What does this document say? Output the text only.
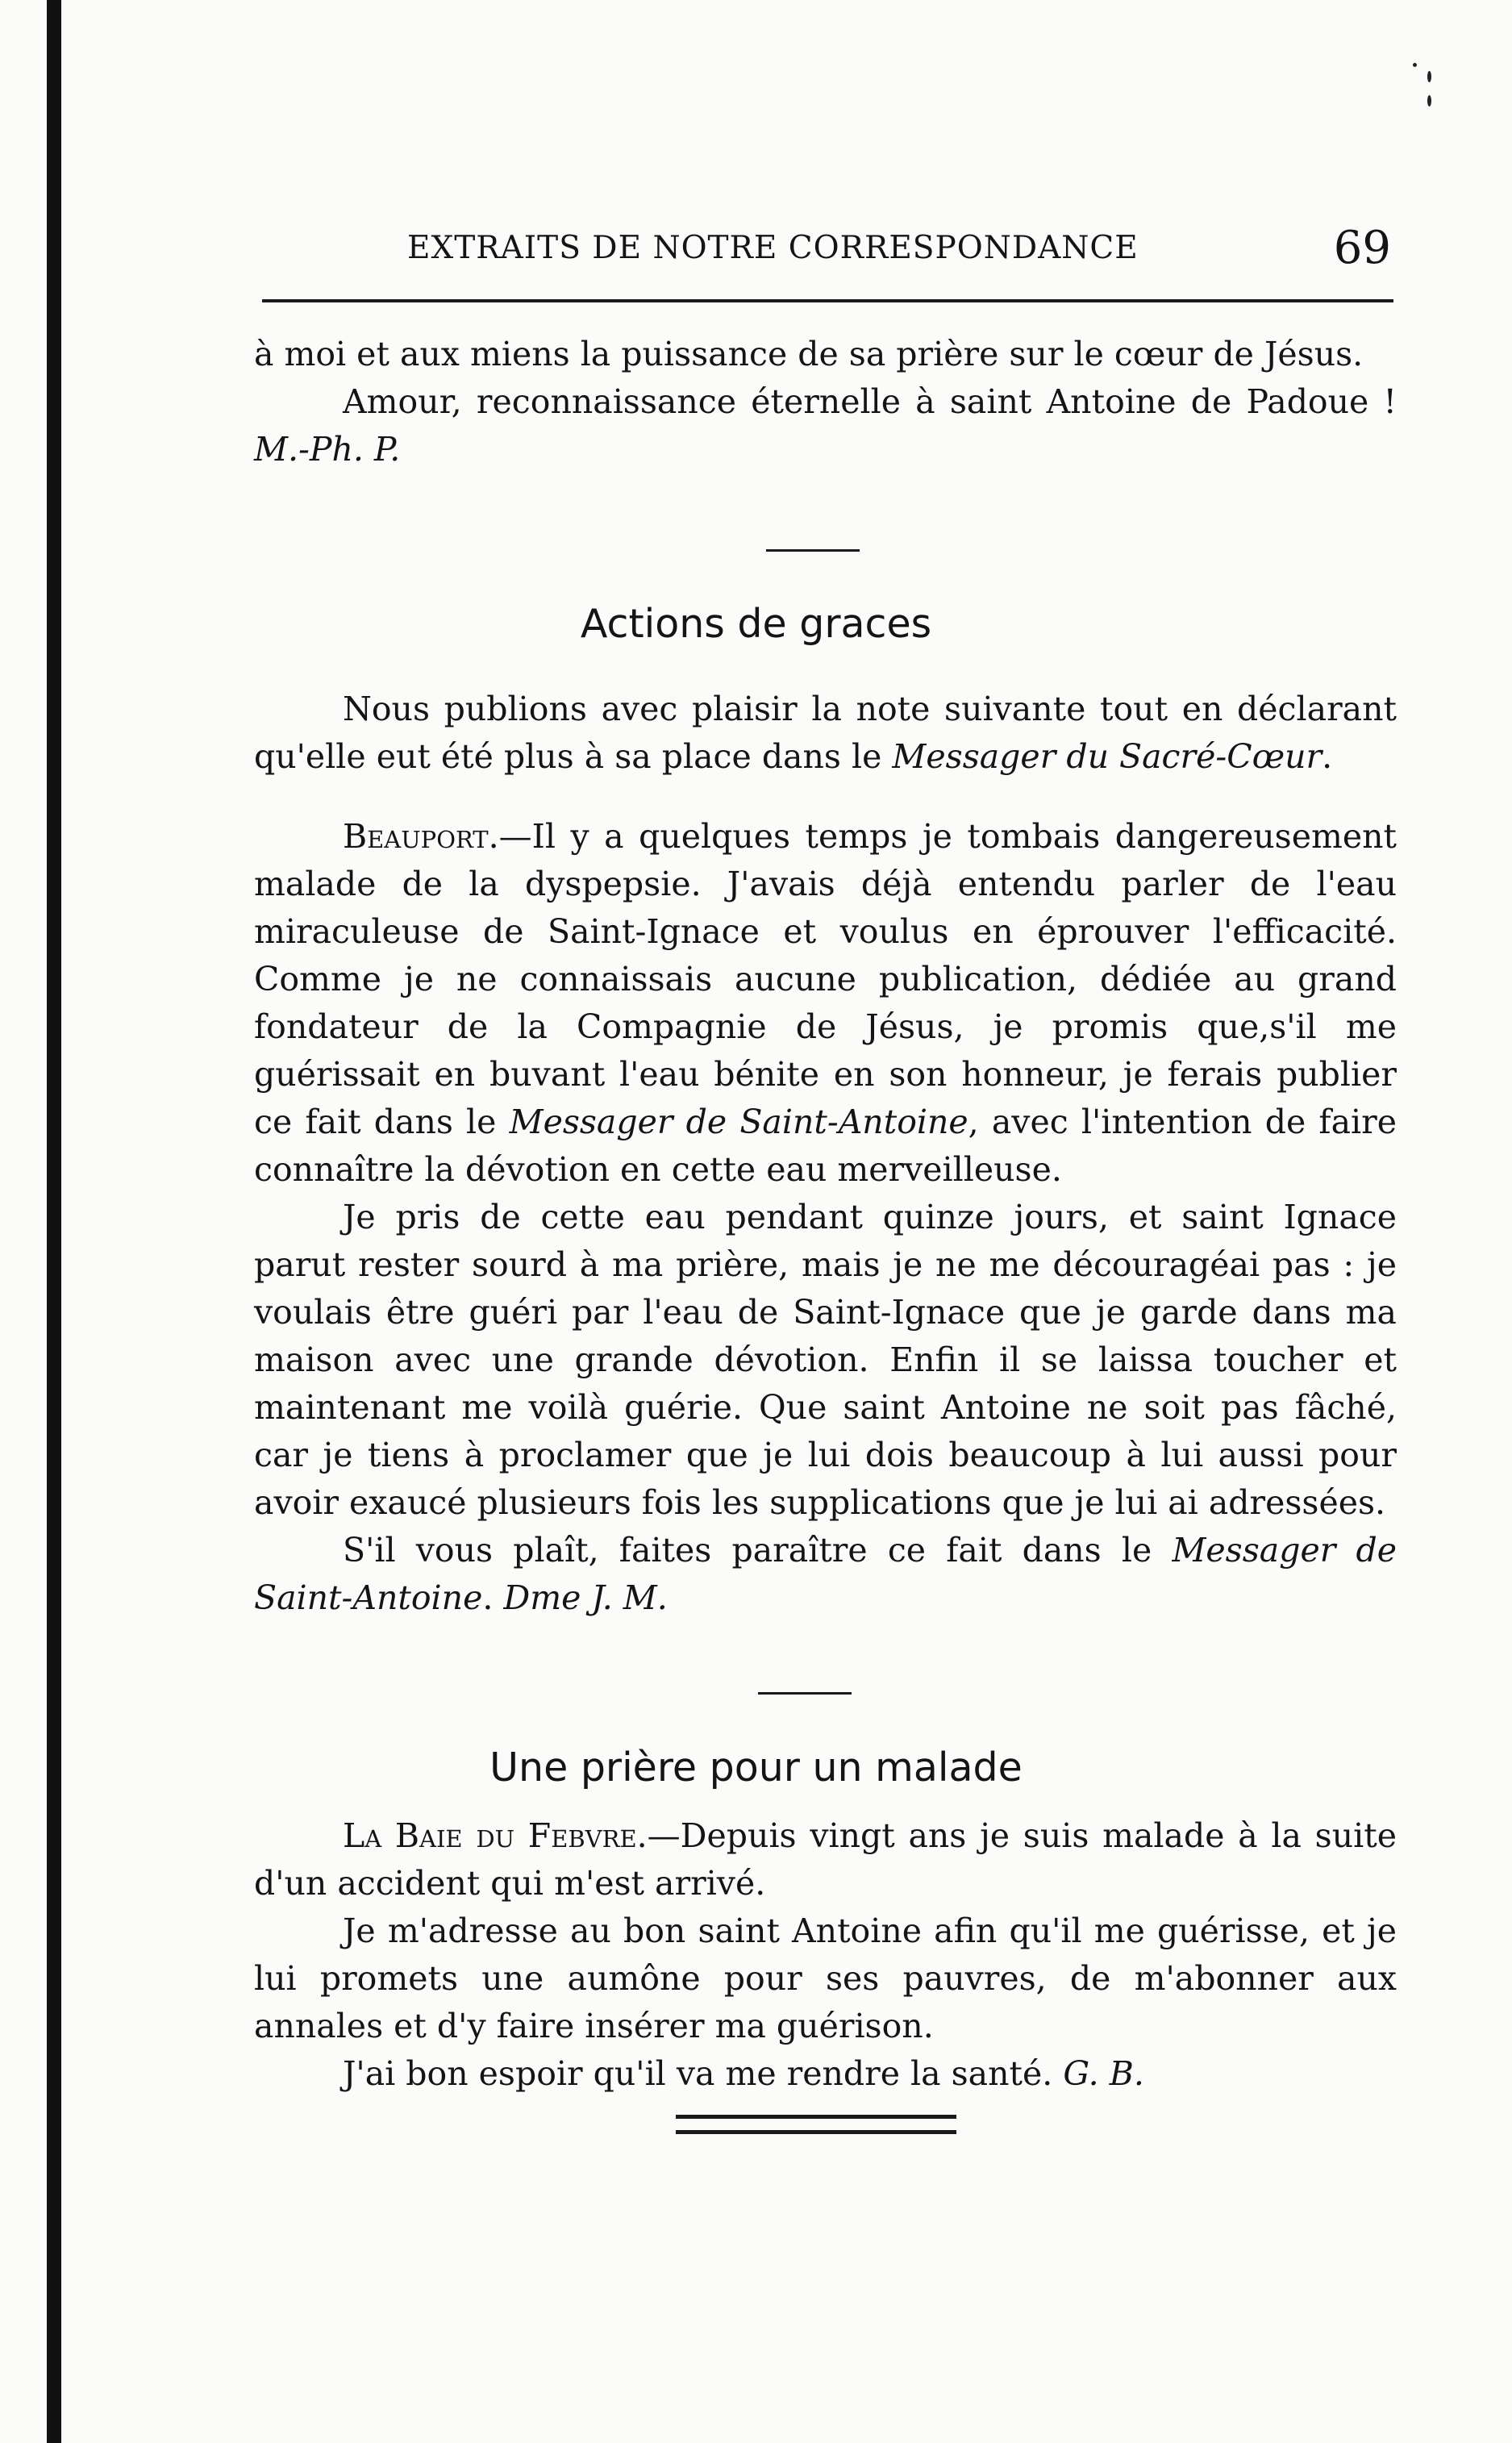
EXTRAITS DE NOTRE CORRESPONDANCE	69

à moi et aux miens la puissance de sa prière sur le cœur de Jésus.

Amour, reconnaissance éternelle à saint Antoine de Padoue ! M.-Ph. P.

Actions de graces

Nous publions avec plaisir la note suivante tout en déclarant qu'elle eut été plus à sa place dans le Messager du Sacré-Cœur.

Beauport.—Il y a quelques temps je tombais dangereusement malade de la dyspepsie. J'avais déjà entendu parler de l'eau miraculeuse de Saint-Ignace et voulus en éprouver l'efficacité. Comme je ne connaissais aucune publication, dédiée au grand fondateur de la Compagnie de Jésus, je promis que,s'il me guérissait en buvant l'eau bénite en son honneur, je ferais publier ce fait dans le Messager de Saint-Antoine, avec l'intention de faire connaître la dévotion en cette eau merveilleuse.

Je pris de cette eau pendant quinze jours, et saint Ignace parut rester sourd à ma prière, mais je ne me découragéai pas : je voulais être guéri par l'eau de Saint-Ignace que je garde dans ma maison avec une grande dévotion. Enfin il se laissa toucher et maintenant me voilà guérie. Que saint Antoine ne soit pas fâché, car je tiens à proclamer que je lui dois beaucoup à lui aussi pour avoir exaucé plusieurs fois les supplications que je lui ai adressées.

S'il vous plaît, faites paraître ce fait dans le Messager de Saint-Antoine. Dme J. M.

Une prière pour un malade

La Baie du Febvre.—Depuis vingt ans je suis malade à la suite d'un accident qui m'est arrivé.

Je m'adresse au bon saint Antoine afin qu'il me guérisse, et je lui promets une aumône pour ses pauvres, de m'abonner aux annales et d'y faire insérer ma guérison.

J'ai bon espoir qu'il va me rendre la santé. G. B.
